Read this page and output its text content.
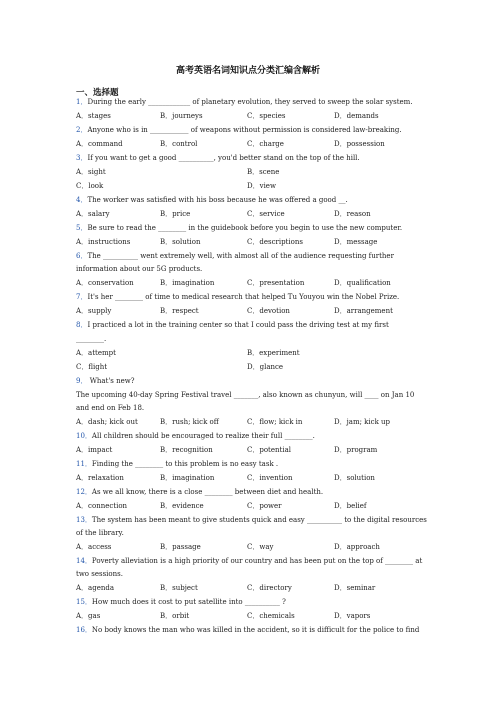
高考英语名词知识点分类汇编含解析
一、选择题
1．During the early ____________ of planetary evolution, they served to sweep the solar system.
A．stages	B．journeys	C．species	D．demands
2．Anyone who is in ___________ of weapons without permission is considered law-breaking.
A．command	B．control	C．charge	D．possession
3．If you want to get a good __________, you'd better stand on the top of the hill.
A．sight	B．scene
C．look	D．view
4．The worker was satisfied with his boss because he was offered a good __.
A．salary	B．price	C．service	D．reason
5．Be sure to read the ________ in the guidebook before you begin to use the new computer.
A．instructions	B．solution	C．descriptions	D．message
6．The __________ went extremely well, with almost all of the audience requesting further
information about our 5G products.
A．conservation	B．imagination	C．presentation	D．qualification
7．It's her ________ of time to medical research that helped Tu Youyou win the Nobel Prize.
A．supply	B．respect	C．devotion	D．arrangement
8．I practiced a lot in the training center so that I could pass the driving test at my first
________.
A．attempt	B．experiment
C．flight	D．glance
9． What's new?
The upcoming 40-day Spring Festival travel _______, also known as chunyun, will ____ on Jan 10
and end on Feb 18.
A．dash; kick out	B．rush; kick off	C．flow; kick in	D．jam; kick up
10．All children should be encouraged to realize their full ________.
A．impact	B．recognition	C．potential	D．program
11．Finding the ________ to this problem is no easy task .
A．relaxation	B．imagination	C．invention	D．solution
12．As we all know, there is a close ________ between diet and health.
A．connection	B．evidence	C．power	D．belief
13．The system has been meant to give students quick and easy __________ to the digital resources
of the library.
A．access	B．passage	C．way	D．approach
14．Poverty alleviation is a high priority of our country and has been put on the top of ________ at
two sessions.
A．agenda	B．subject	C．directory	D．seminar
15．How much does it cost to put satellite into __________ ?
A．gas	B．orbit	C．chemicals	D．vapors
16．No body knows the man who was killed in the accident, so it is difficult for the police to find
